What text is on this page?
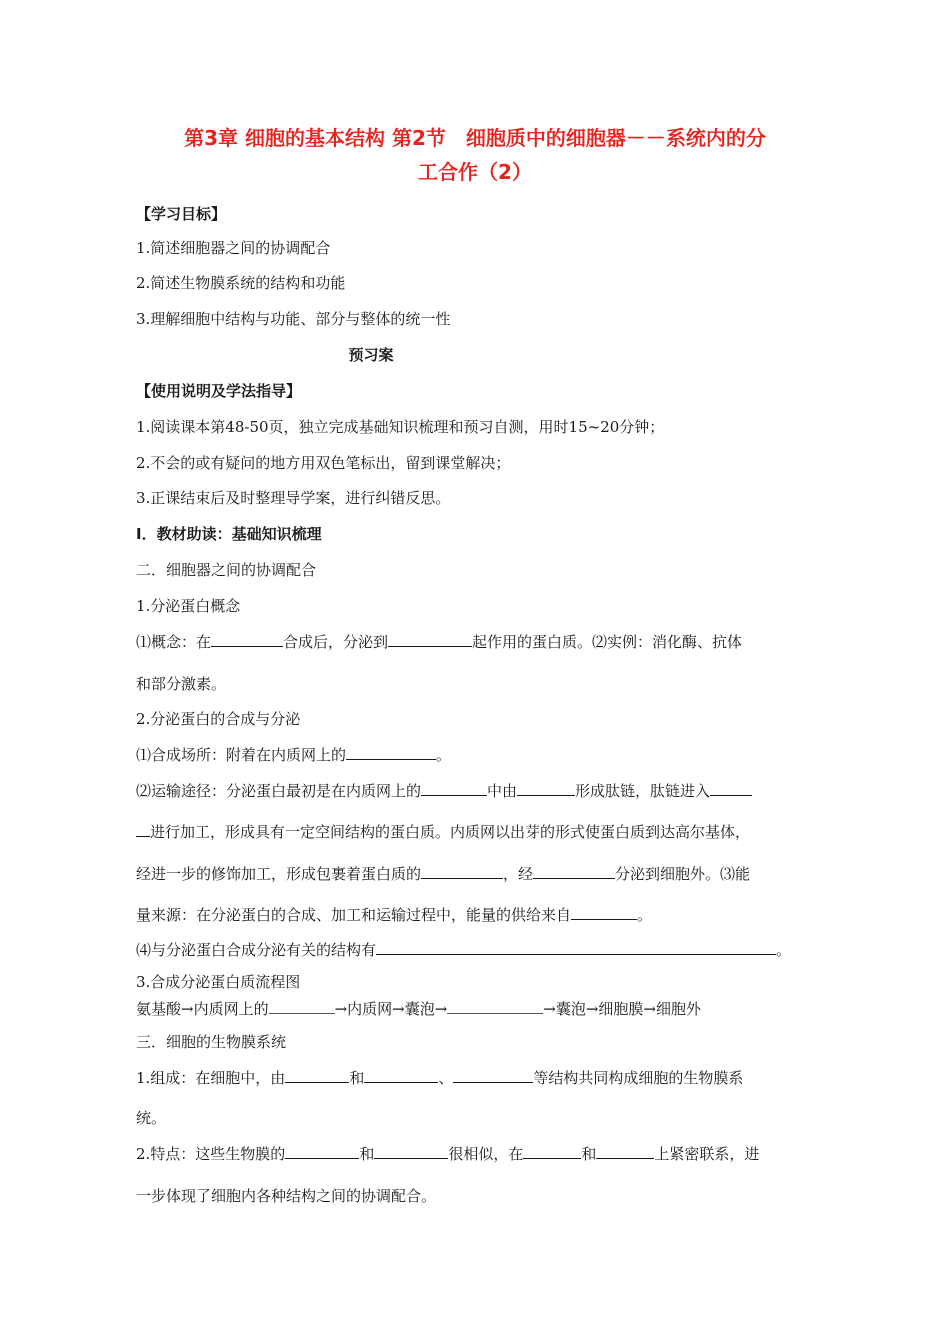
第3章 细胞的基本结构 第2节　细胞质中的细胞器－－系统内的分
工合作（2）
【学习目标】
1.简述细胞器之间的协调配合
2.简述生物膜系统的结构和功能
3.理解细胞中结构与功能、部分与整体的统一性
预习案
【使用说明及学法指导】
1.阅读课本第48-50页，独立完成基础知识梳理和预习自测，用时15~20分钟；
2.不会的或有疑问的地方用双色笔标出，留到课堂解决；
3.正课结束后及时整理导学案，进行纠错反思。
Ⅰ．教材助读：基础知识梳理
二．细胞器之间的协调配合
1.分泌蛋白概念
⑴概念：在	合成后，分泌到	起作用的蛋白质。⑵实例：消化酶、抗体
和部分激素。
2.分泌蛋白的合成与分泌
⑴合成场所：附着在内质网上的	。
⑵运输途径：分泌蛋白最初是在内质网上的	中由	形成肽链，肽链进入
进行加工，形成具有一定空间结构的蛋白质。内质网以出芽的形式使蛋白质到达高尔基体，
经进一步的修饰加工，形成包裹着蛋白质的	，经	分泌到细胞外。⑶能
量来源：在分泌蛋白的合成、加工和运输过程中，能量的供给来自	。
⑷与分泌蛋白合成分泌有关的结构有	。
3.合成分泌蛋白质流程图
氨基酸→内质网上的	→内质网→囊泡→	→囊泡→细胞膜→细胞外
三．细胞的生物膜系统
1.组成：在细胞中，由	和	、	等结构共同构成细胞的生物膜系
统。
2.特点：这些生物膜的	和	很相似，在	和	上紧密联系，进
一步体现了细胞内各种结构之间的协调配合。
